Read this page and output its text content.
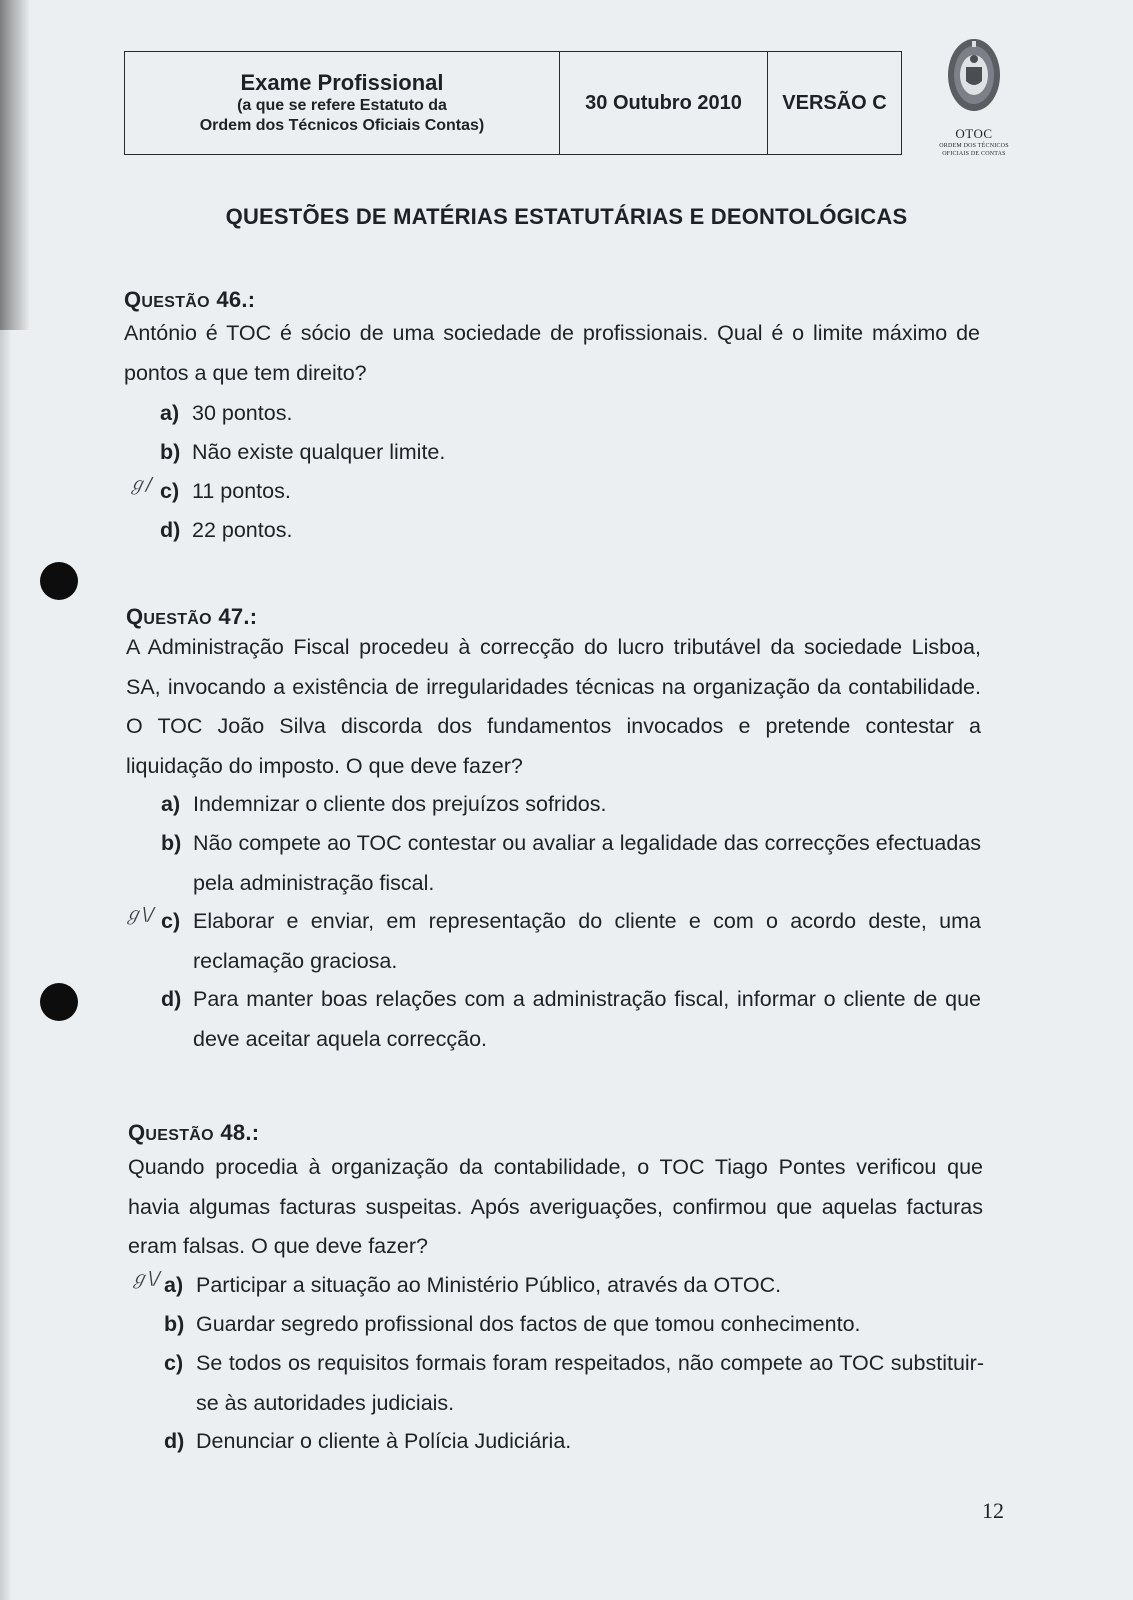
Exame Profissional
(a que se refere Estatuto da
Ordem dos Técnicos Oficiais Contas)
30 Outubro 2010 VERSÃO C
OTOC
ORDEM DOS TÉCNICOS
OFICIAIS DE CONTAS
QUESTÕES DE MATÉRIAS ESTATUTÁRIAS E DEONTOLÓGICAS
QUESTÃO 46.:
António é TOC é sócio de uma sociedade de profissionais. Qual é o limite máximo de pontos a que tem direito?
a) 30 pontos.
b) Não existe qualquer limite.
c) 11 pontos.
d) 22 pontos.
ℊ/
QUESTÃO 47.:
A Administração Fiscal procedeu à correcção do lucro tributável da sociedade Lisboa, SA, invocando a existência de irregularidades técnicas na organização da contabilidade. O TOC João Silva discorda dos fundamentos invocados e pretende contestar a liquidação do imposto. O que deve fazer?
a) Indemnizar o cliente dos prejuízos sofridos.
b) Não compete ao TOC contestar ou avaliar a legalidade das correcções efectuadas pela administração fiscal.
c) Elaborar e enviar, em representação do cliente e com o acordo deste, uma reclamação graciosa.
d) Para manter boas relações com a administração fiscal, informar o cliente de que deve aceitar aquela correcção.
ℊ\/
QUESTÃO 48.:
Quando procedia à organização da contabilidade, o TOC Tiago Pontes verificou que havia algumas facturas suspeitas. Após averiguações, confirmou que aquelas facturas eram falsas. O que deve fazer?
a) Participar a situação ao Ministério Público, através da OTOC.
b) Guardar segredo profissional dos factos de que tomou conhecimento.
c) Se todos os requisitos formais foram respeitados, não compete ao TOC substituir-se às autoridades judiciais.
d) Denunciar o cliente à Polícia Judiciária.
ℊ\/
12
